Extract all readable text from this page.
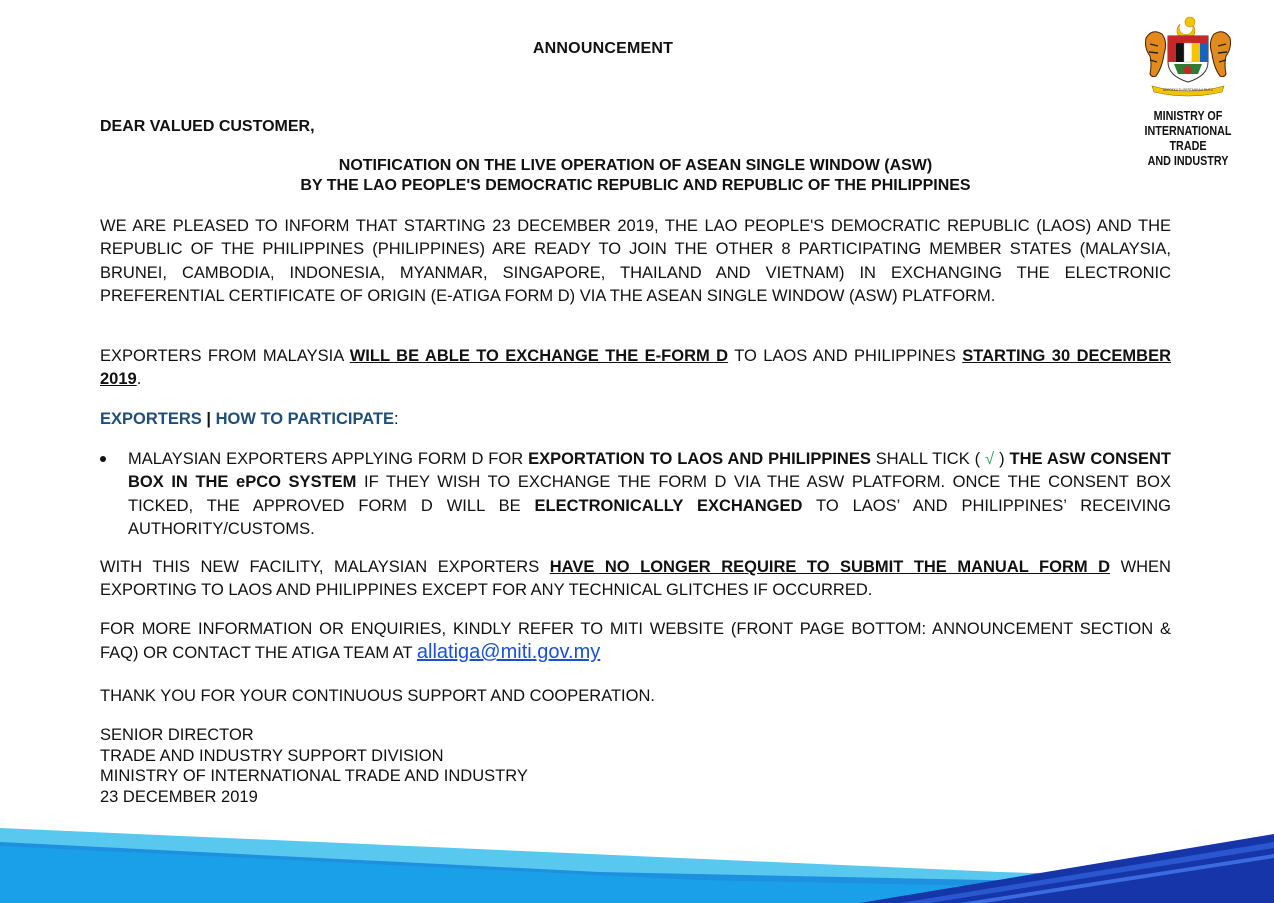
ANNOUNCEMENT
BERSEKUTU BERTAMBAH MUTU
MINISTRY OF
INTERNATIONAL TRADE
AND INDUSTRY
DEAR VALUED CUSTOMER,
NOTIFICATION ON THE LIVE OPERATION OF ASEAN SINGLE WINDOW (ASW)
BY THE LAO PEOPLE'S DEMOCRATIC REPUBLIC AND REPUBLIC OF THE PHILIPPINES
WE ARE PLEASED TO INFORM THAT STARTING 23 DECEMBER 2019, THE LAO PEOPLE'S DEMOCRATIC REPUBLIC (LAOS) AND THE REPUBLIC OF THE PHILIPPINES (PHILIPPINES) ARE READY TO JOIN THE OTHER 8 PARTICIPATING MEMBER STATES (MALAYSIA, BRUNEI, CAMBODIA, INDONESIA, MYANMAR, SINGAPORE, THAILAND AND VIETNAM) IN EXCHANGING THE ELECTRONIC PREFERENTIAL CERTIFICATE OF ORIGIN (E-ATIGA FORM D) VIA THE ASEAN SINGLE WINDOW (ASW) PLATFORM.
EXPORTERS FROM MALAYSIA WILL BE ABLE TO EXCHANGE THE E-FORM D TO LAOS AND PHILIPPINES STARTING 30 DECEMBER 2019.
EXPORTERS | HOW TO PARTICIPATE:
MALAYSIAN EXPORTERS APPLYING FORM D FOR EXPORTATION TO LAOS AND PHILIPPINES SHALL TICK ( √ ) THE ASW CONSENT BOX IN THE ePCO SYSTEM IF THEY WISH TO EXCHANGE THE FORM D VIA THE ASW PLATFORM. ONCE THE CONSENT BOX TICKED, THE APPROVED FORM D WILL BE ELECTRONICALLY EXCHANGED TO LAOS’ AND PHILIPPINES’ RECEIVING AUTHORITY/CUSTOMS.
WITH THIS NEW FACILITY, MALAYSIAN EXPORTERS HAVE NO LONGER REQUIRE TO SUBMIT THE MANUAL FORM D WHEN EXPORTING TO LAOS AND PHILIPPINES EXCEPT FOR ANY TECHNICAL GLITCHES IF OCCURRED.
FOR MORE INFORMATION OR ENQUIRIES, KINDLY REFER TO MITI WEBSITE (FRONT PAGE BOTTOM: ANNOUNCEMENT SECTION & FAQ) OR CONTACT THE ATIGA TEAM AT allatiga@miti.gov.my
THANK YOU FOR YOUR CONTINUOUS SUPPORT AND COOPERATION.
SENIOR DIRECTOR
TRADE AND INDUSTRY SUPPORT DIVISION
MINISTRY OF INTERNATIONAL TRADE AND INDUSTRY
23 DECEMBER 2019
